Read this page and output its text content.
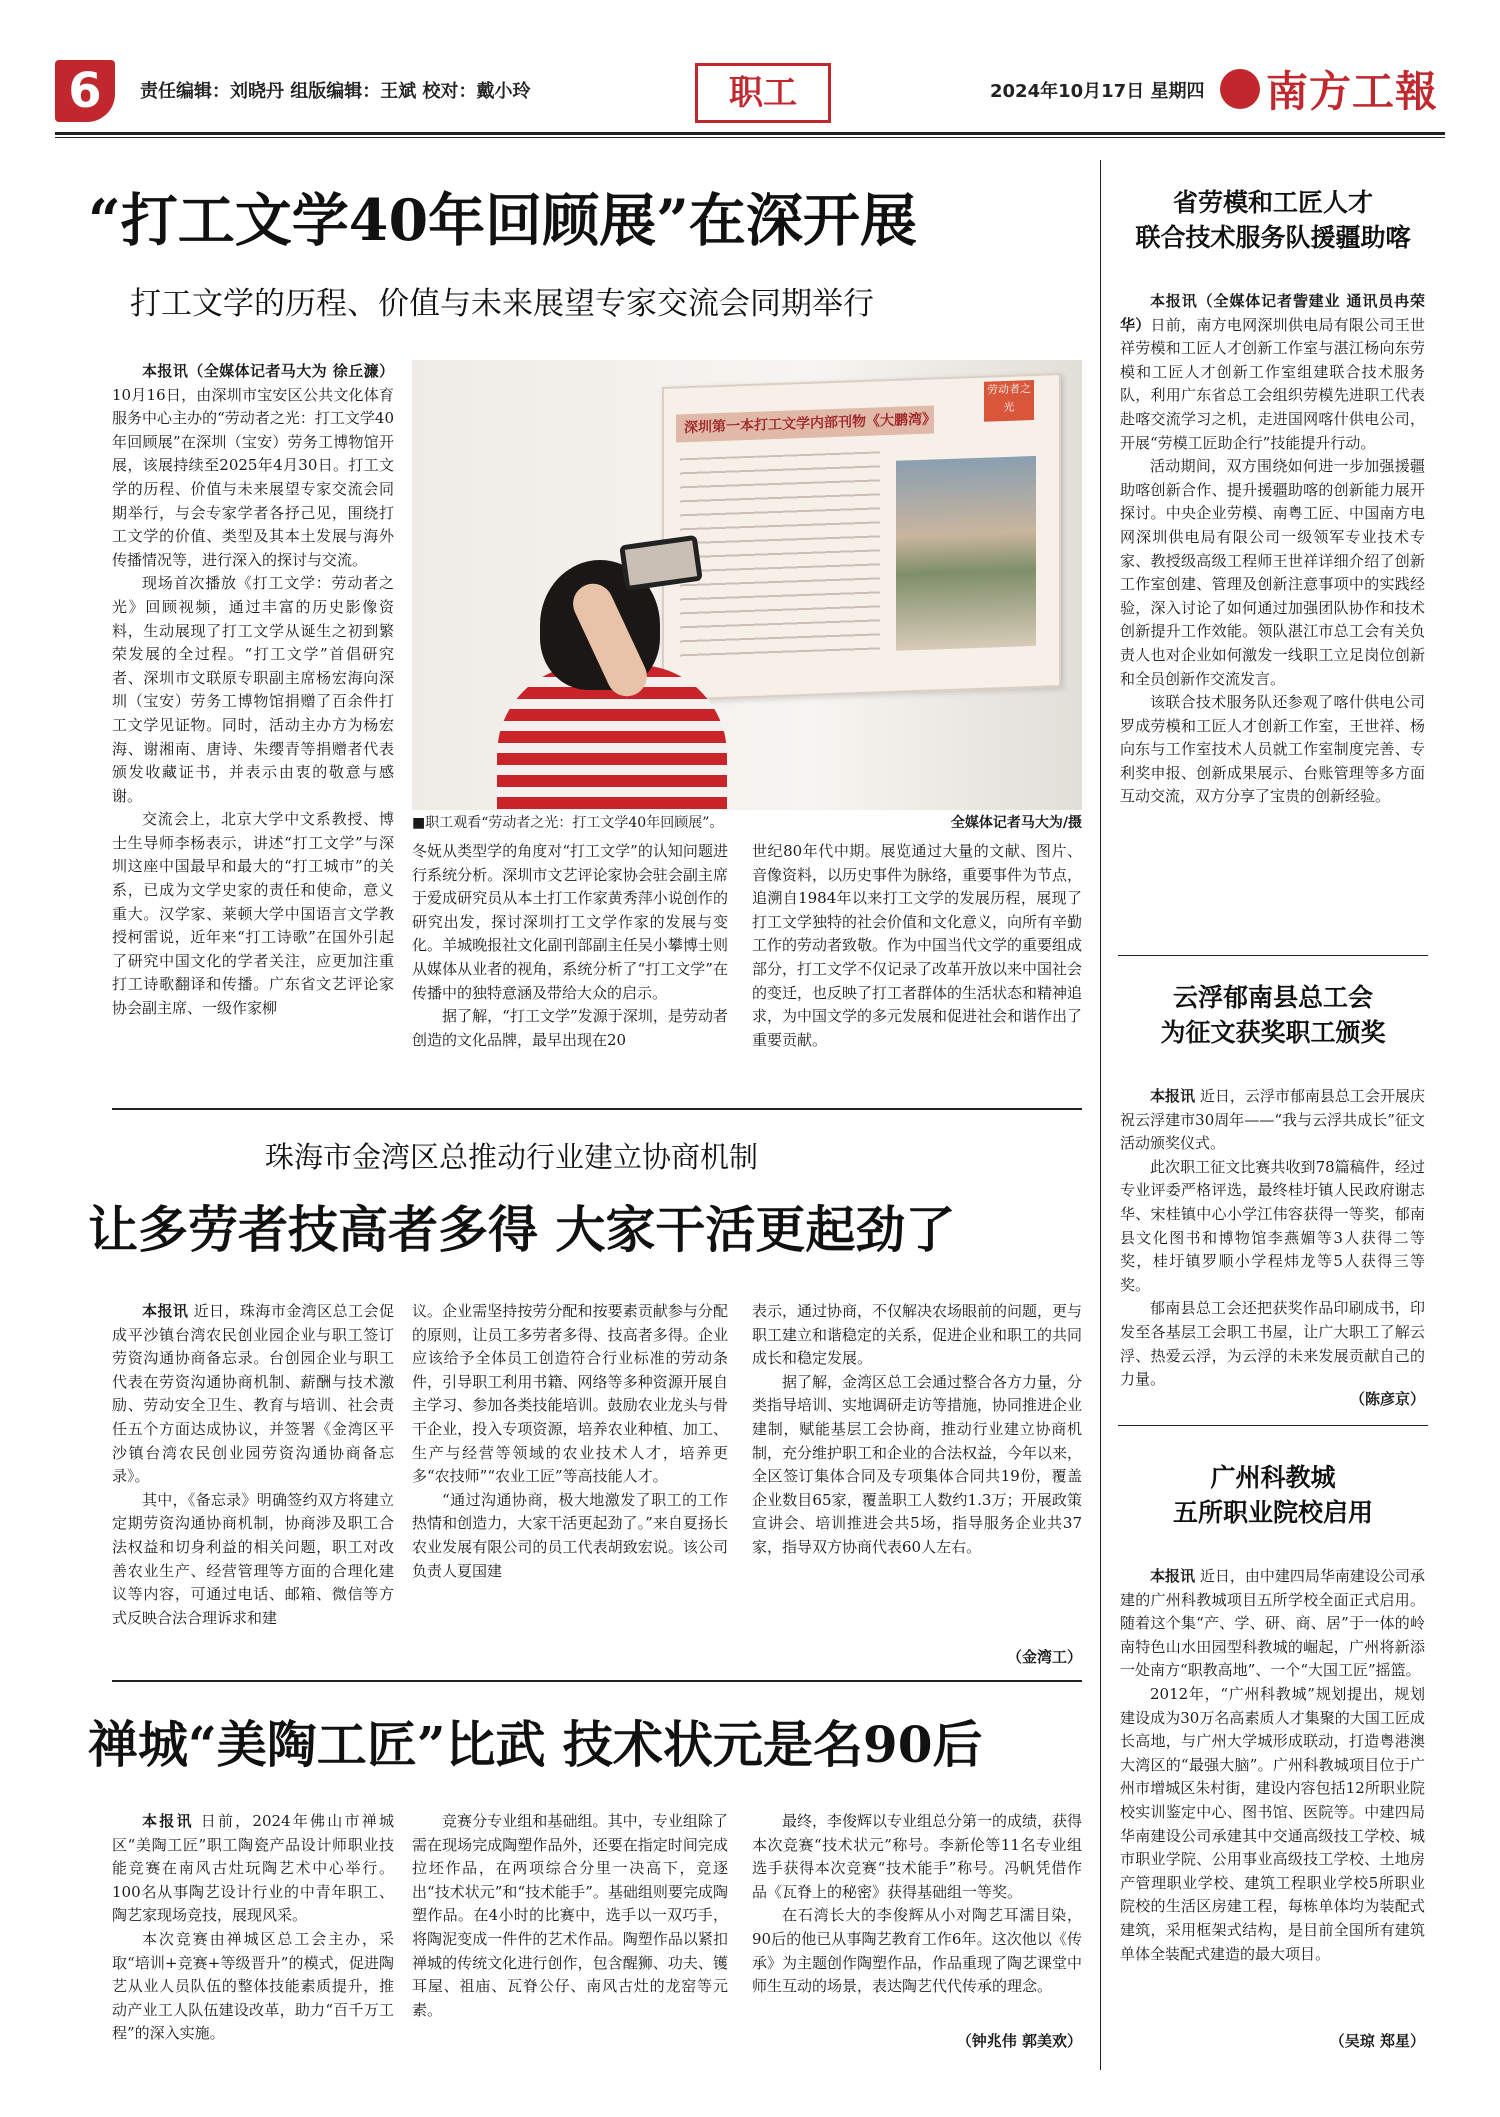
6	责任编辑：刘晓丹 组版编辑：王斌 校对：戴小玲	职工	2024年10月17日 星期四 南方工報
“打工文学40年回顾展”在深开展
打工文学的历程、价值与未来展望专家交流会同期举行

本报讯（全媒体记者马大为 徐丘濂）10月16日，由深圳市宝安区公共文化体育服务中心主办的“劳动者之光：打工文学40年回顾展”在深圳（宝安）劳务工博物馆开展，该展持续至2025年4月30日。打工文学的历程、价值与未来展望专家交流会同期举行，与会专家学者各抒己见，围绕打工文学的价值、类型及其本土发展与海外传播情况等，进行深入的探讨与交流。

现场首次播放《打工文学：劳动者之光》回顾视频，通过丰富的历史影像资料，生动展现了打工文学从诞生之初到繁荣发展的全过程。“打工文学”首倡研究者、深圳市文联原专职副主席杨宏海向深圳（宝安）劳务工博物馆捐赠了百余件打工文学见证物。同时，活动主办方为杨宏海、谢湘南、唐诗、朱缨青等捐赠者代表颁发收藏证书，并表示由衷的敬意与感谢。

交流会上，北京大学中文系教授、博士生导师李杨表示，讲述“打工文学”与深圳这座中国最早和最大的“打工城市”的关系，已成为文学史家的责任和使命，意义重大。汉学家、莱顿大学中国语言文学教授柯雷说，近年来“打工诗歌”在国外引起了研究中国文化的学者关注，应更加注重打工诗歌翻译和传播。广东省文艺评论家协会副主席、一级作家柳

劳动者之光
深圳第一本打工文学内部刊物《大鹏湾》
■职工观看“劳动者之光：打工文学40年回顾展”。	全媒体记者马大为/摄

冬妩从类型学的角度对“打工文学”的认知问题进行系统分析。深圳市文艺评论家协会驻会副主席于爱成研究员从本土打工作家黄秀萍小说创作的研究出发，探讨深圳打工文学作家的发展与变化。羊城晚报社文化副刊部副主任吴小攀博士则从媒体从业者的视角，系统分析了“打工文学”在传播中的独特意涵及带给大众的启示。

据了解，“打工文学”发源于深圳，是劳动者创造的文化品牌，最早出现在20

世纪80年代中期。展览通过大量的文献、图片、音像资料，以历史事件为脉络，重要事件为节点，追溯自1984年以来打工文学的发展历程，展现了打工文学独特的社会价值和文化意义，向所有辛勤工作的劳动者致敬。作为中国当代文学的重要组成部分，打工文学不仅记录了改革开放以来中国社会的变迁，也反映了打工者群体的生活状态和精神追求，为中国文学的多元发展和促进社会和谐作出了重要贡献。

珠海市金湾区总推动行业建立协商机制
让多劳者技高者多得 大家干活更起劲了

本报讯 近日，珠海市金湾区总工会促成平沙镇台湾农民创业园企业与职工签订劳资沟通协商备忘录。台创园企业与职工代表在劳资沟通协商机制、薪酬与技术激励、劳动安全卫生、教育与培训、社会责任五个方面达成协议，并签署《金湾区平沙镇台湾农民创业园劳资沟通协商备忘录》。

其中，《备忘录》明确签约双方将建立定期劳资沟通协商机制，协商涉及职工合法权益和切身利益的相关问题，职工对改善农业生产、经营管理等方面的合理化建议等内容，可通过电话、邮箱、微信等方式反映合法合理诉求和建

议。企业需坚持按劳分配和按要素贡献参与分配的原则，让员工多劳者多得、技高者多得。企业应该给予全体员工创造符合行业标准的劳动条件，引导职工利用书籍、网络等多种资源开展自主学习、参加各类技能培训。鼓励农业龙头与骨干企业，投入专项资源，培养农业种植、加工、生产与经营等领域的农业技术人才，培养更多“农技师”“农业工匠”等高技能人才。

“通过沟通协商，极大地激发了职工的工作热情和创造力，大家干活更起劲了。”来自夏扬长农业发展有限公司的员工代表胡致宏说。该公司负责人夏国建

表示，通过协商，不仅解决农场眼前的问题，更与职工建立和谐稳定的关系，促进企业和职工的共同成长和稳定发展。

据了解，金湾区总工会通过整合各方力量，分类指导培训、实地调研走访等措施，协同推进企业建制，赋能基层工会协商，推动行业建立协商机制，充分维护职工和企业的合法权益，今年以来，全区签订集体合同及专项集体合同共19份，覆盖企业数目65家，覆盖职工人数约1.3万；开展政策宣讲会、培训推进会共5场，指导服务企业共37家，指导双方协商代表60人左右。

（金湾工）
禅城“美陶工匠”比武 技术状元是名90后

本报讯 日前，2024年佛山市禅城区“美陶工匠”职工陶瓷产品设计师职业技能竞赛在南风古灶玩陶艺术中心举行。100名从事陶艺设计行业的中青年职工、陶艺家现场竞技，展现风采。

本次竞赛由禅城区总工会主办，采取“培训+竞赛+等级晋升”的模式，促进陶艺从业人员队伍的整体技能素质提升，推动产业工人队伍建设改革，助力“百千万工程”的深入实施。

竞赛分专业组和基础组。其中，专业组除了需在现场完成陶塑作品外，还要在指定时间完成拉坯作品，在两项综合分里一决高下，竞逐出“技术状元”和“技术能手”。基础组则要完成陶塑作品。在4小时的比赛中，选手以一双巧手，将陶泥变成一件件的艺术作品。陶塑作品以紧扣禅城的传统文化进行创作，包含醒狮、功夫、镬耳屋、祖庙、瓦脊公仔、南风古灶的龙窑等元素。

最终，李俊辉以专业组总分第一的成绩，获得本次竞赛“技术状元”称号。李新伦等11名专业组选手获得本次竞赛“技术能手”称号。冯帆凭借作品《瓦脊上的秘密》获得基础组一等奖。

在石湾长大的李俊辉从小对陶艺耳濡目染，90后的他已从事陶艺教育工作6年。这次他以《传承》为主题创作陶塑作品，作品重现了陶艺课堂中师生互动的场景，表达陶艺代代传承的理念。

（钟兆伟 郭美欢）
省劳模和工匠人才
联合技术服务队援疆助喀

本报讯（全媒体记者訾建业 通讯员冉荣华）日前，南方电网深圳供电局有限公司王世祥劳模和工匠人才创新工作室与湛江杨向东劳模和工匠人才创新工作室组建联合技术服务队，利用广东省总工会组织劳模先进职工代表赴喀交流学习之机，走进国网喀什供电公司，开展“劳模工匠助企行”技能提升行动。

活动期间，双方围绕如何进一步加强援疆助喀创新合作、提升援疆助喀的创新能力展开探讨。中央企业劳模、南粤工匠、中国南方电网深圳供电局有限公司一级领军专业技术专家、教授级高级工程师王世祥详细介绍了创新工作室创建、管理及创新注意事项中的实践经验，深入讨论了如何通过加强团队协作和技术创新提升工作效能。领队湛江市总工会有关负责人也对企业如何激发一线职工立足岗位创新和全员创新作交流发言。

该联合技术服务队还参观了喀什供电公司罗成劳模和工匠人才创新工作室，王世祥、杨向东与工作室技术人员就工作室制度完善、专利奖申报、创新成果展示、台账管理等多方面互动交流，双方分享了宝贵的创新经验。

云浮郁南县总工会
为征文获奖职工颁奖

本报讯 近日，云浮市郁南县总工会开展庆祝云浮建市30周年——“我与云浮共成长”征文活动颁奖仪式。

此次职工征文比赛共收到78篇稿件，经过专业评委严格评选，最终桂圩镇人民政府谢志华、宋桂镇中心小学江伟容获得一等奖，郁南县文化图书和博物馆李燕媚等3人获得二等奖，桂圩镇罗顺小学程炜龙等5人获得三等奖。

郁南县总工会还把获奖作品印刷成书，印发至各基层工会职工书屋，让广大职工了解云浮、热爱云浮，为云浮的未来发展贡献自己的力量。

（陈彦京）
广州科教城
五所职业院校启用

本报讯 近日，由中建四局华南建设公司承建的广州科教城项目五所学校全面正式启用。随着这个集“产、学、研、商、居”于一体的岭南特色山水田园型科教城的崛起，广州将新添一处南方“职教高地”、一个“大国工匠”摇篮。

2012年，“广州科教城”规划提出，规划建设成为30万名高素质人才集聚的大国工匠成长高地，与广州大学城形成联动，打造粤港澳大湾区的“最强大脑”。广州科教城项目位于广州市增城区朱村街，建设内容包括12所职业院校实训鉴定中心、图书馆、医院等。中建四局华南建设公司承建其中交通高级技工学校、城市职业学院、公用事业高级技工学校、土地房产管理职业学校、建筑工程职业学校5所职业院校的生活区房建工程，每栋单体均为装配式建筑，采用框架式结构，是目前全国所有建筑单体全装配式建造的最大项目。

（吴琼 郑星）
